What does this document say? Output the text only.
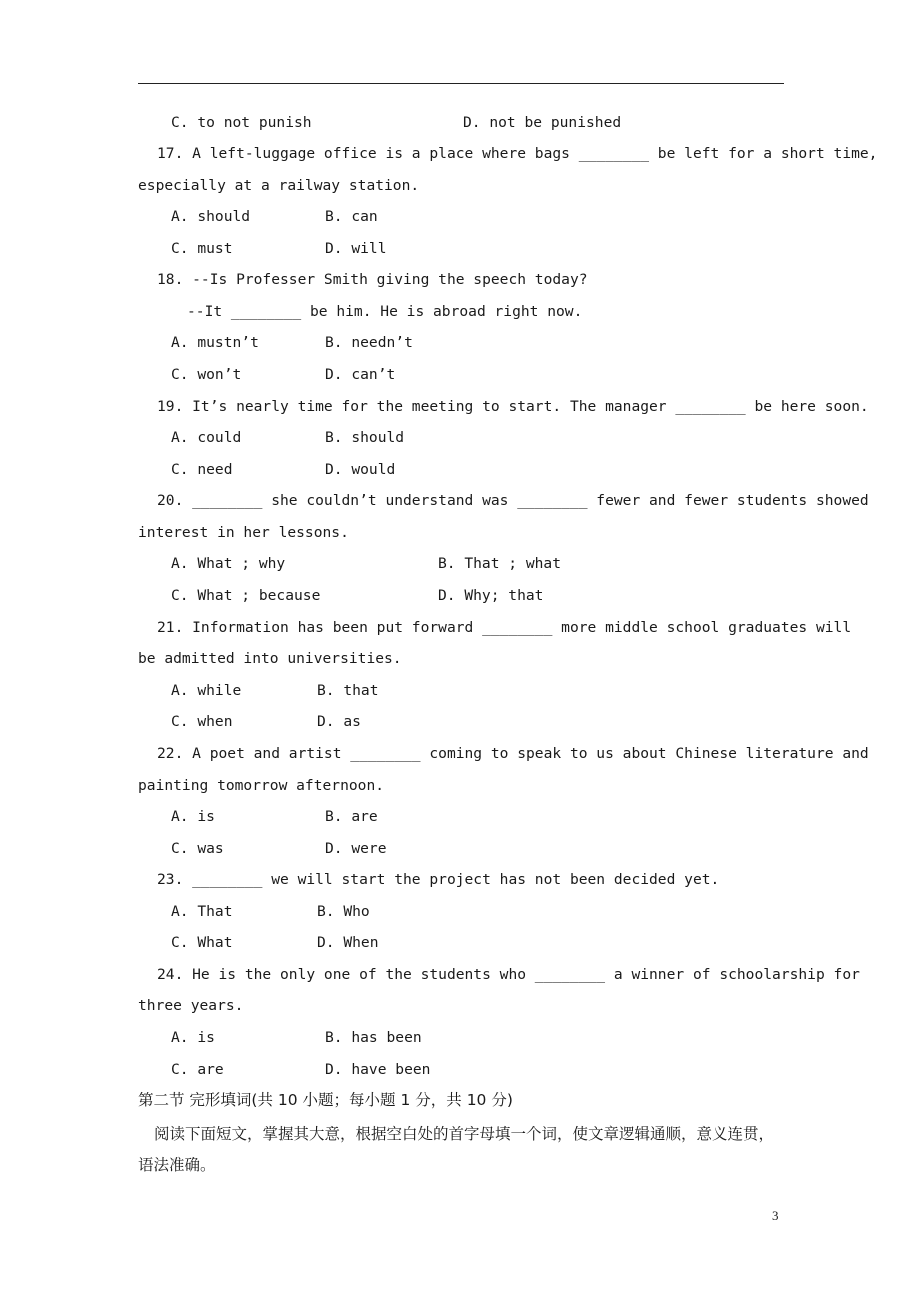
C. to not punish	D. not be punished
17. A left-luggage office is a place where bags ________ be left for a short time,
especially at a railway station.
A. should	B. can
C. must	D. will
18. --Is Professer Smith giving the speech today?
--It ________ be him. He is abroad right now.
A. mustn’t	B. needn’t
C. won’t	D. can’t
19. It’s nearly time for the meeting to start. The manager ________ be here soon.
A. could	B. should
C. need	D. would
20. ________ she couldn’t understand was ________ fewer and fewer students showed
interest in her lessons.
A. What ; why	B. That ; what
C. What ; because	D. Why; that
21. Information has been put forward ________ more middle school graduates will
be admitted into universities.
A. while	B. that
C. when	D. as
22. A poet and artist ________ coming to speak to us about Chinese literature and
painting tomorrow afternoon.
A. is	B. are
C. was	D. were
23. ________ we will start the project has not been decided yet.
A. That	B. Who
C. What	D. When
24. He is the only one of the students who ________ a winner of schoolarship for
three years.
A. is	B. has been
C. are	D. have been
第二节 完形填词(共 10 小题；每小题 1 分，共 10 分)
阅读下面短文，掌握其大意，根据空白处的首字母填一个词，使文章逻辑通顺，意义连贯，
语法准确。
3
